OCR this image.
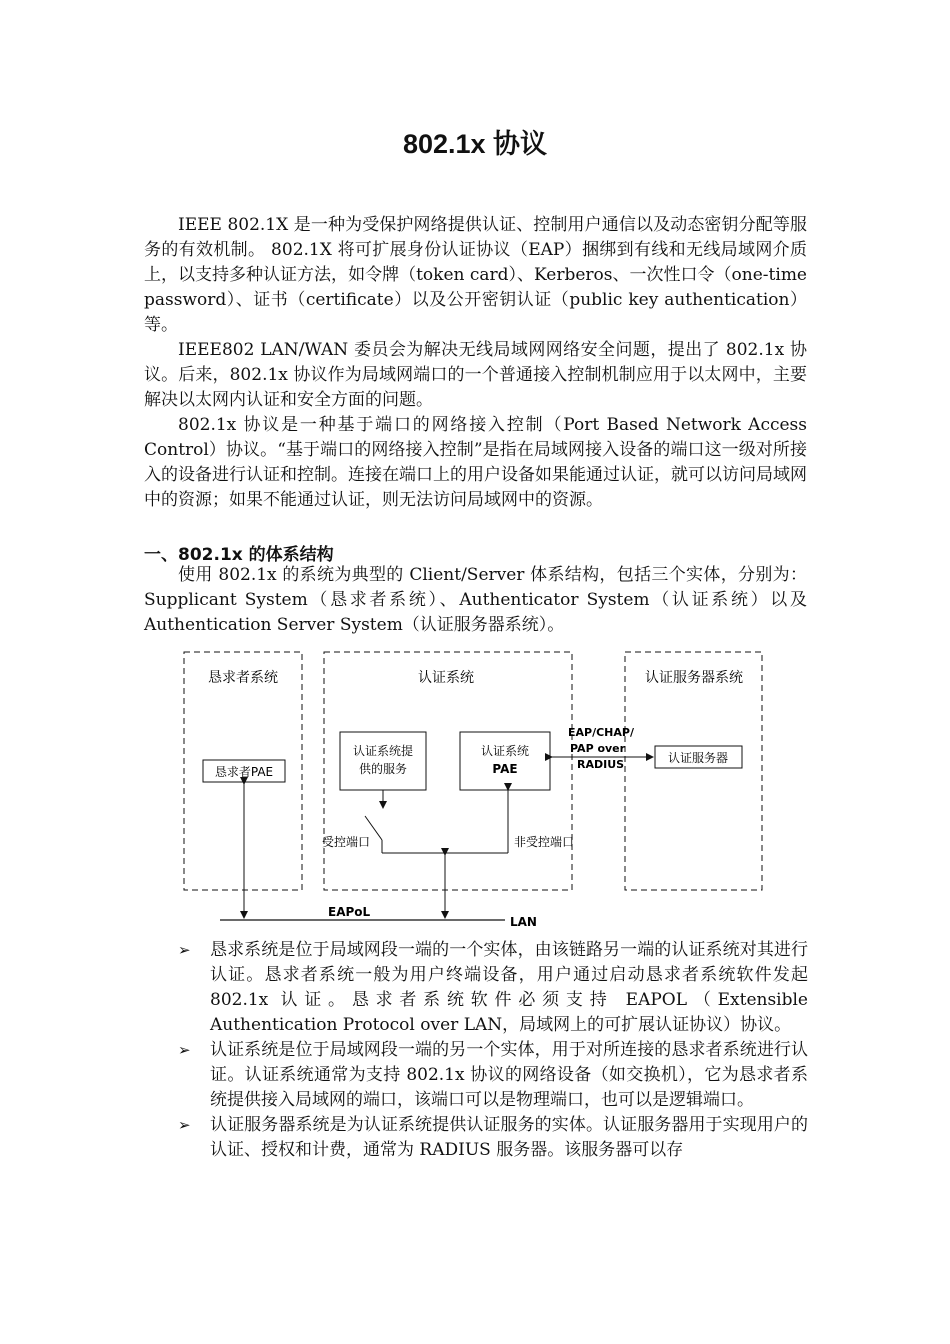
802.1x 协议

IEEE 802.1X 是一种为受保护网络提供认证、控制用户通信以及动态密钥分配等服务的有效机制。 802.1X 将可扩展身份认证协议（EAP）捆绑到有线和无线局域网介质上，以支持多种认证方法，如令牌（token card）、Kerberos、一次性口令（one-time password）、证书（certificate）以及公开密钥认证（public key authentication）等。

IEEE802 LAN/WAN 委员会为解决无线局域网网络安全问题，提出了 802.1x 协议。后来，802.1x 协议作为局域网端口的一个普通接入控制机制应用于以太网中，主要解决以太网内认证和安全方面的问题。

802.1x 协议是一种基于端口的网络接入控制（Port Based Network Access Control）协议。“基于端口的网络接入控制”是指在局域网接入设备的端口这一级对所接入的设备进行认证和控制。连接在端口上的用户设备如果能通过认证，就可以访问局域网中的资源；如果不能通过认证，则无法访问局域网中的资源。

一、802.1x 的体系结构

使用 802.1x 的系统为典型的 Client/Server 体系结构，包括三个实体，分别为：Supplicant System（恳求者系统）、Authenticator System（认证系统）以及 Authentication Server System（认证服务器系统）。

恳求者系统	认证系统	认证服务器系统
恳求者PAE
认证系统提
供的服务
认证系统
PAE
EAP/CHAP/
PAP over
RADIUS	认证服务器
受控端口	非受控端口
EAPoL
LAN
➢ 恳求系统是位于局域网段一端的一个实体，由该链路另一端的认证系统对其进行认证。恳求者系统一般为用户终端设备，用户通过启动恳求者系统软件发起 802.1x 认证。恳求者系统软件必须支持 EAPOL（Extensible Authentication Protocol over LAN，局域网上的可扩展认证协议）协议。
➢ 认证系统是位于局域网段一端的另一个实体，用于对所连接的恳求者系统进行认证。认证系统通常为支持 802.1x 协议的网络设备（如交换机），它为恳求者系统提供接入局域网的端口，该端口可以是物理端口，也可以是逻辑端口。
➢ 认证服务器系统是为认证系统提供认证服务的实体。认证服务器用于实现用户的认证、授权和计费，通常为 RADIUS 服务器。该服务器可以存
